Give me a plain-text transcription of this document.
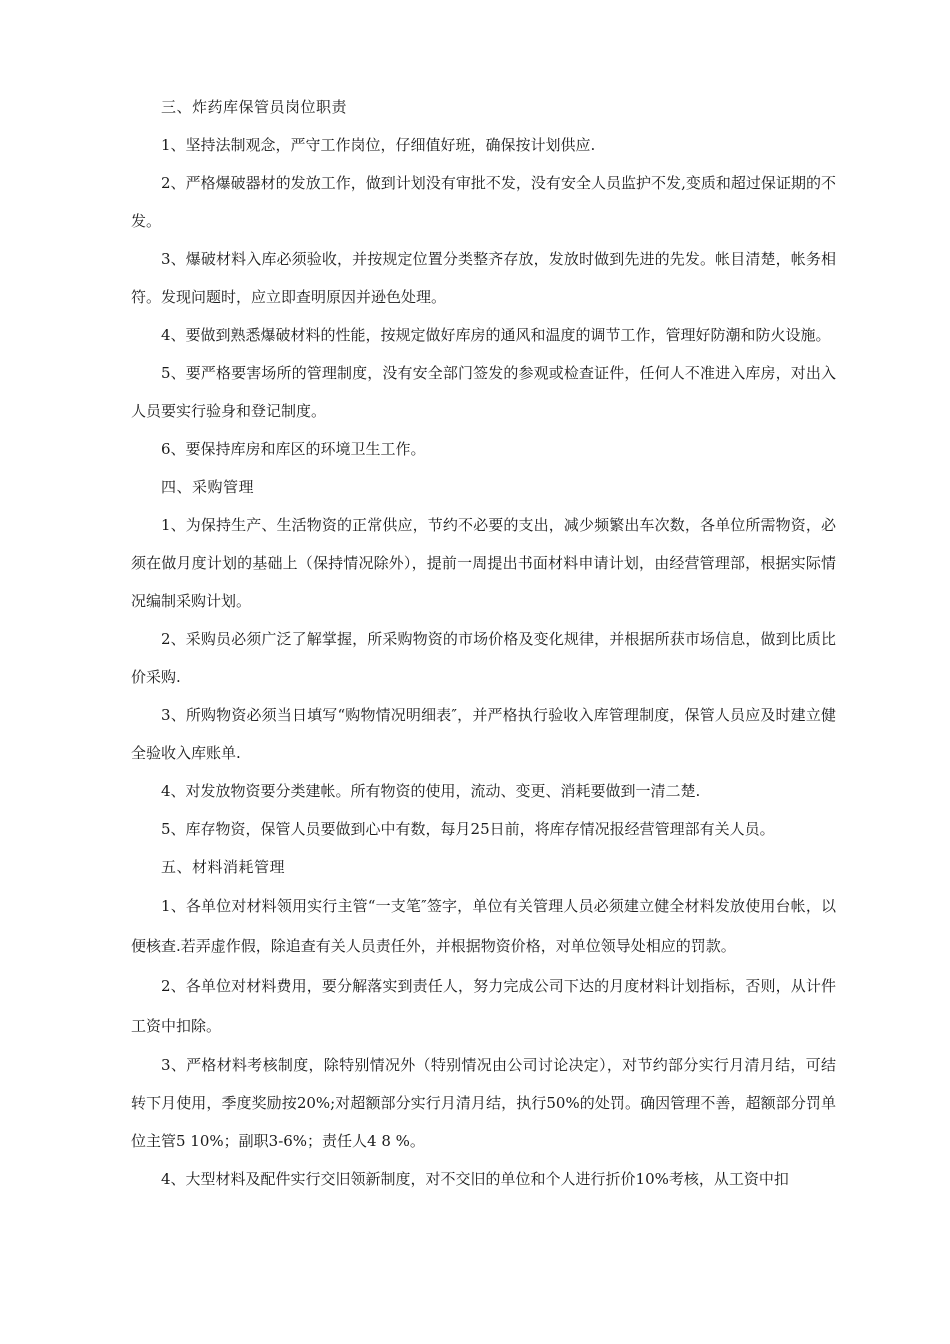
三、炸药库保管员岗位职责

1、坚持法制观念，严守工作岗位，仔细值好班，确保按计划供应.

2、严格爆破器材的发放工作，做到计划没有审批不发，没有安全人员监护不发,变质和超过保证期的不发。

3、爆破材料入库必须验收，并按规定位置分类整齐存放，发放时做到先进的先发。帐目清楚，帐务相符。发现问题时，应立即查明原因并逊色处理。

4、要做到熟悉爆破材料的性能，按规定做好库房的通风和温度的调节工作，管理好防潮和防火设施。

5、要严格要害场所的管理制度，没有安全部门签发的参观或检查证件，任何人不准进入库房，对出入人员要实行验身和登记制度。

6、要保持库房和库区的环境卫生工作。

四、采购管理

1、为保持生产、生活物资的正常供应，节约不必要的支出，减少频繁出车次数，各单位所需物资，必须在做月度计划的基础上（保持情况除外），提前一周提出书面材料申请计划，由经营管理部，根据实际情况编制采购计划。

2、采购员必须广泛了解掌握，所采购物资的市场价格及变化规律，并根据所获市场信息，做到比质比价采购.

3、所购物资必须当日填写“购物情况明细表″，并严格执行验收入库管理制度，保管人员应及时建立健全验收入库账单.

4、对发放物资要分类建帐。所有物资的使用，流动、变更、消耗要做到一清二楚.

5、库存物资，保管人员要做到心中有数，每月25日前，将库存情况报经营管理部有关人员。

五、材料消耗管理

1、各单位对材料领用实行主管“一支笔″签字，单位有关管理人员必须建立健全材料发放使用台帐，以便核查.若弄虚作假，除追查有关人员责任外，并根据物资价格，对单位领导处相应的罚款。

2、各单位对材料费用，要分解落实到责任人，努力完成公司下达的月度材料计划指标，否则，从计件工资中扣除。

3、严格材料考核制度，除特别情况外（特别情况由公司讨论决定），对节约部分实行月清月结，可结转下月使用，季度奖励按20%;对超额部分实行月清月结，执行50%的处罚。确因管理不善，超额部分罚单位主管5 10%；副职3-6%；责任人4 8 %。

4、大型材料及配件实行交旧领新制度，对不交旧的单位和个人进行折价10%考核，从工资中扣
